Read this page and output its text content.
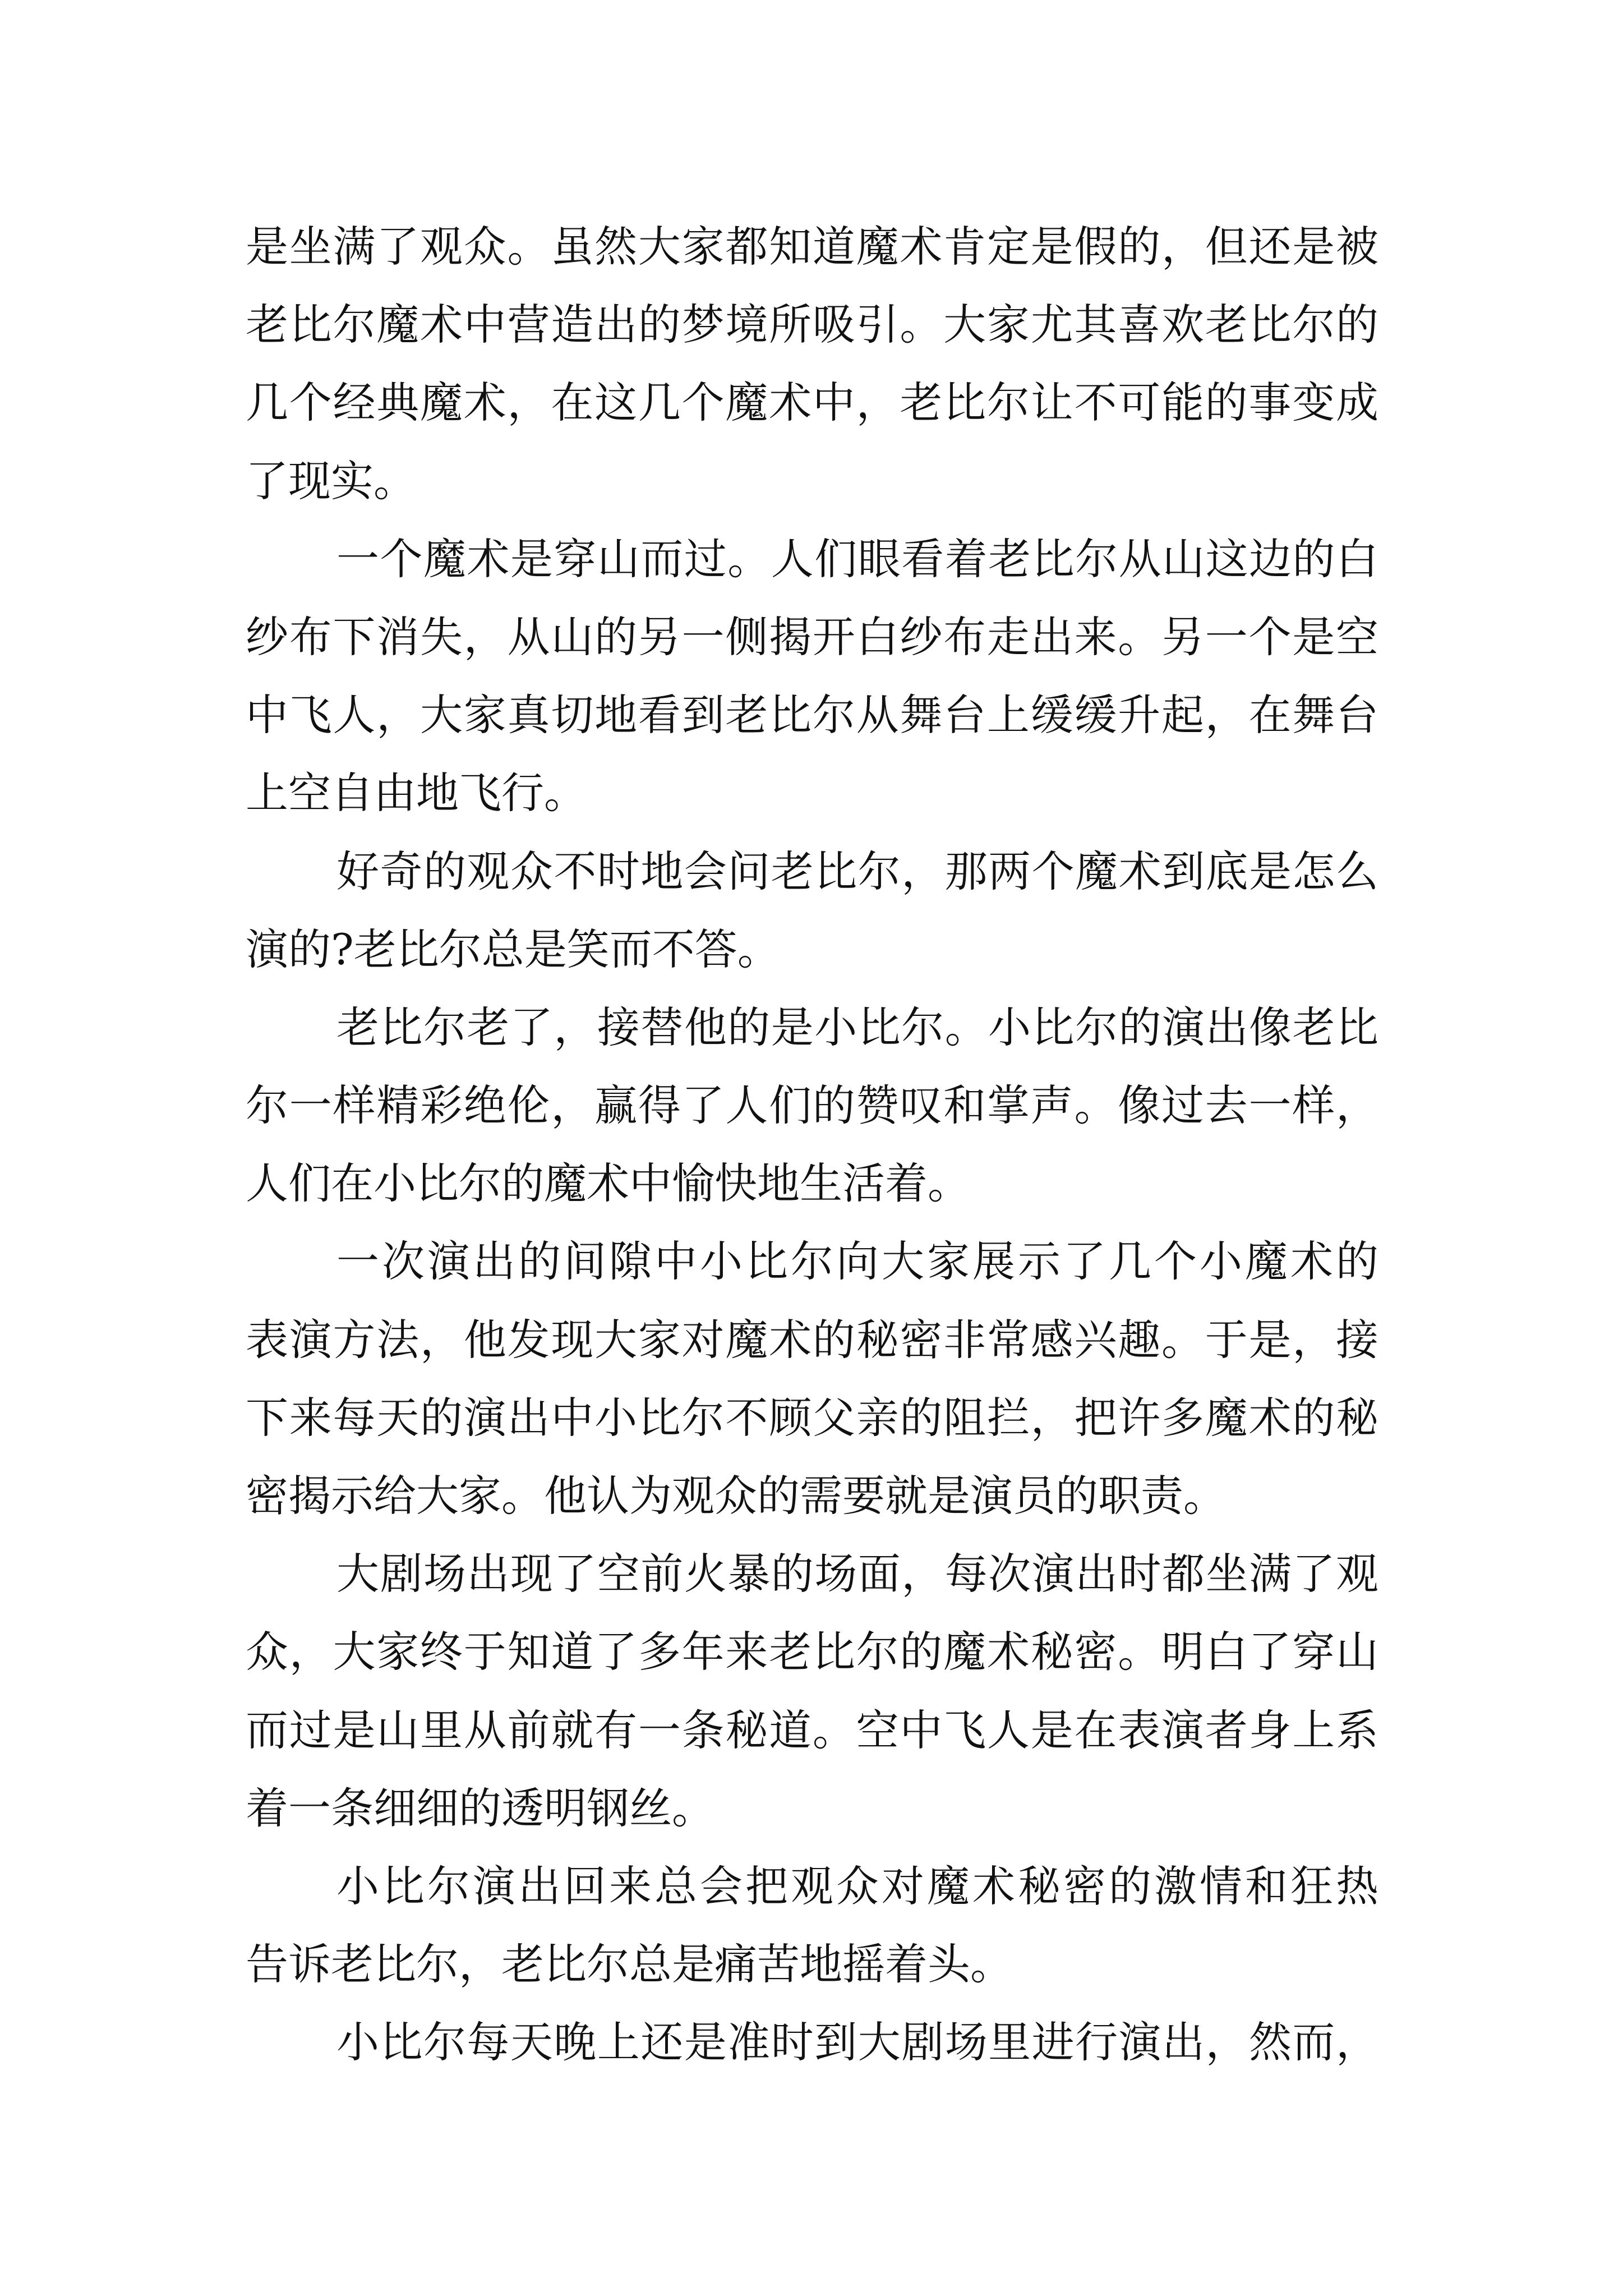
是坐满了观众。虽然大家都知道魔术肯定是假的，但还是被
老比尔魔术中营造出的梦境所吸引。大家尤其喜欢老比尔的
几个经典魔术，在这几个魔术中，老比尔让不可能的事变成
了现实。
一个魔术是穿山而过。人们眼看着老比尔从山这边的白
纱布下消失，从山的另一侧揭开白纱布走出来。另一个是空
中飞人，大家真切地看到老比尔从舞台上缓缓升起，在舞台
上空自由地飞行。
好奇的观众不时地会问老比尔，那两个魔术到底是怎么
演的?老比尔总是笑而不答。
老比尔老了，接替他的是小比尔。小比尔的演出像老比
尔一样精彩绝伦，赢得了人们的赞叹和掌声。像过去一样，
人们在小比尔的魔术中愉快地生活着。
一次演出的间隙中小比尔向大家展示了几个小魔术的
表演方法，他发现大家对魔术的秘密非常感兴趣。于是，接
下来每天的演出中小比尔不顾父亲的阻拦，把许多魔术的秘
密揭示给大家。他认为观众的需要就是演员的职责。
大剧场出现了空前火暴的场面，每次演出时都坐满了观
众，大家终于知道了多年来老比尔的魔术秘密。明白了穿山
而过是山里从前就有一条秘道。空中飞人是在表演者身上系
着一条细细的透明钢丝。
小比尔演出回来总会把观众对魔术秘密的激情和狂热
告诉老比尔，老比尔总是痛苦地摇着头。
小比尔每天晚上还是准时到大剧场里进行演出，然而，
